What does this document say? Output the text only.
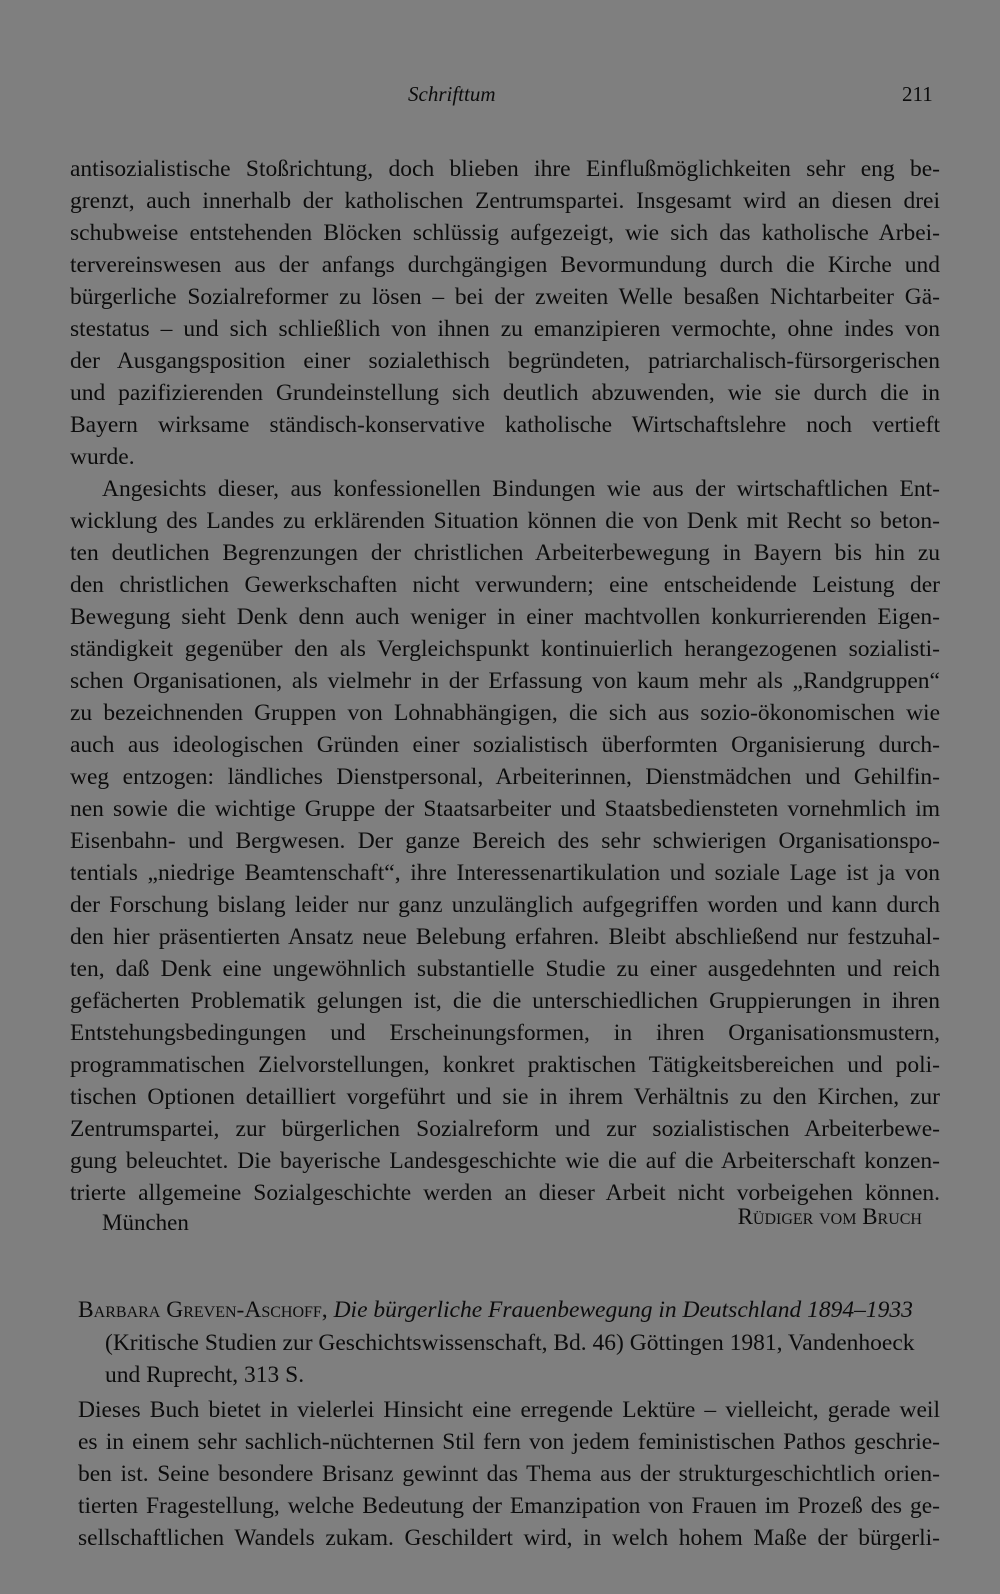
Schrifttum	211
antisozialistische Stoßrichtung, doch blieben ihre Einflußmöglichkeiten sehr eng be-
grenzt, auch innerhalb der katholischen Zentrumspartei. Insgesamt wird an diesen drei
schubweise entstehenden Blöcken schlüssig aufgezeigt, wie sich das katholische Arbei-
tervereinswesen aus der anfangs durchgängigen Bevormundung durch die Kirche und
bürgerliche Sozialreformer zu lösen – bei der zweiten Welle besaßen Nichtarbeiter Gä-
stestatus – und sich schließlich von ihnen zu emanzipieren vermochte, ohne indes von
der Ausgangsposition einer sozialethisch begründeten, patriarchalisch-fürsorgerischen
und pazifizierenden Grundeinstellung sich deutlich abzuwenden, wie sie durch die in
Bayern wirksame ständisch-konservative katholische Wirtschaftslehre noch vertieft
wurde.
Angesichts dieser, aus konfessionellen Bindungen wie aus der wirtschaftlichen Ent-
wicklung des Landes zu erklärenden Situation können die von Denk mit Recht so beton-
ten deutlichen Begrenzungen der christlichen Arbeiterbewegung in Bayern bis hin zu
den christlichen Gewerkschaften nicht verwundern; eine entscheidende Leistung der
Bewegung sieht Denk denn auch weniger in einer machtvollen konkurrierenden Eigen-
ständigkeit gegenüber den als Vergleichspunkt kontinuierlich herangezogenen sozialisti-
schen Organisationen, als vielmehr in der Erfassung von kaum mehr als „Randgruppen“
zu bezeichnenden Gruppen von Lohnabhängigen, die sich aus sozio-ökonomischen wie
auch aus ideologischen Gründen einer sozialistisch überformten Organisierung durch-
weg entzogen: ländliches Dienstpersonal, Arbeiterinnen, Dienstmädchen und Gehilfin-
nen sowie die wichtige Gruppe der Staatsarbeiter und Staatsbediensteten vornehmlich im
Eisenbahn- und Bergwesen. Der ganze Bereich des sehr schwierigen Organisationspo-
tentials „niedrige Beamtenschaft“, ihre Interessenartikulation und soziale Lage ist ja von
der Forschung bislang leider nur ganz unzulänglich aufgegriffen worden und kann durch
den hier präsentierten Ansatz neue Belebung erfahren. Bleibt abschließend nur festzuhal-
ten, daß Denk eine ungewöhnlich substantielle Studie zu einer ausgedehnten und reich
gefächerten Problematik gelungen ist, die die unterschiedlichen Gruppierungen in ihren
Entstehungsbedingungen und Erscheinungsformen, in ihren Organisationsmustern,
programmatischen Zielvorstellungen, konkret praktischen Tätigkeitsbereichen und poli-
tischen Optionen detailliert vorgeführt und sie in ihrem Verhältnis zu den Kirchen, zur
Zentrumspartei, zur bürgerlichen Sozialreform und zur sozialistischen Arbeiterbewe-
gung beleuchtet. Die bayerische Landesgeschichte wie die auf die Arbeiterschaft konzen-
trierte allgemeine Sozialgeschichte werden an dieser Arbeit nicht vorbeigehen können.
München	Rüdiger vom Bruch
Barbara Greven-Aschoff, Die bürgerliche Frauenbewegung in Deutschland 1894–1933
(Kritische Studien zur Geschichtswissenschaft, Bd. 46) Göttingen 1981, Vandenhoeck
und Ruprecht, 313 S.
Dieses Buch bietet in vielerlei Hinsicht eine erregende Lektüre – vielleicht, gerade weil
es in einem sehr sachlich-nüchternen Stil fern von jedem feministischen Pathos geschrie-
ben ist. Seine besondere Brisanz gewinnt das Thema aus der strukturgeschichtlich orien-
tierten Fragestellung, welche Bedeutung der Emanzipation von Frauen im Prozeß des ge-
sellschaftlichen Wandels zukam. Geschildert wird, in welch hohem Maße der bürgerli-
